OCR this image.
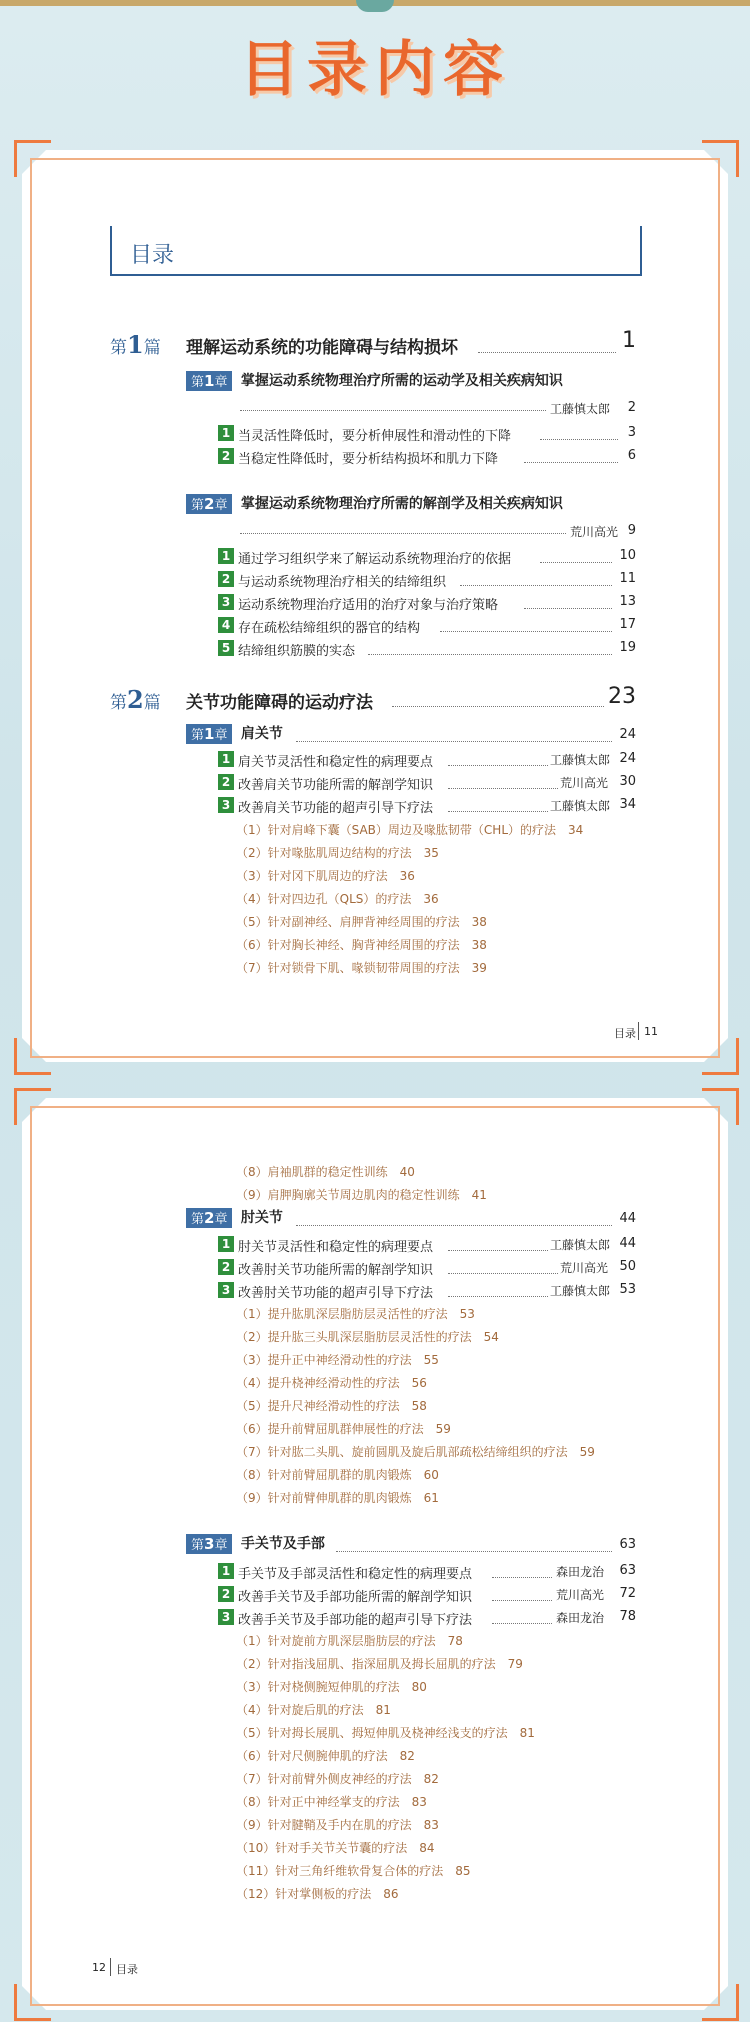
目录内容
目录
第1篇 理解运动系统的功能障碍与结构损坏	1
第1章 掌握运动系统物理治疗所需的运动学及相关疾病知识
工藤慎太郎	2
1 当灵活性降低时，要分析伸展性和滑动性的下降	3
2 当稳定性降低时，要分析结构损坏和肌力下降	6
第2章 掌握运动系统物理治疗所需的解剖学及相关疾病知识
荒川高光 9
1 通过学习组织学来了解运动系统物理治疗的依据	10
2 与运动系统物理治疗相关的结缔组织	11
3 运动系统物理治疗适用的治疗对象与治疗策略	13
4 存在疏松结缔组织的器官的结构	17
5 结缔组织筋膜的实态	19
第2篇 关节功能障碍的运动疗法	23
第1章 肩关节	24
1 肩关节灵活性和稳定性的病理要点	工藤慎太郎 24
2 改善肩关节功能所需的解剖学知识	荒川高光 30
3 改善肩关节功能的超声引导下疗法	工藤慎太郎 34
（1）针对肩峰下囊（SAB）周边及喙肱韧带（CHL）的疗法　34
（2）针对喙肱肌周边结构的疗法　35
（3）针对冈下肌周边的疗法　36
（4）针对四边孔（QLS）的疗法　36
（5）针对副神经、肩胛背神经周围的疗法　38
（6）针对胸长神经、胸背神经周围的疗法　38
（7）针对锁骨下肌、喙锁韧带周围的疗法　39
目录 11
（8）肩袖肌群的稳定性训练　40
（9）肩胛胸廓关节周边肌肉的稳定性训练　41
第2章 肘关节	44
1 肘关节灵活性和稳定性的病理要点	工藤慎太郎 44
2 改善肘关节功能所需的解剖学知识	荒川高光 50
3 改善肘关节功能的超声引导下疗法	工藤慎太郎 53
（1）提升肱肌深层脂肪层灵活性的疗法　53
（2）提升肱三头肌深层脂肪层灵活性的疗法　54
（3）提升正中神经滑动性的疗法　55
（4）提升桡神经滑动性的疗法　56
（5）提升尺神经滑动性的疗法　58
（6）提升前臂屈肌群伸展性的疗法　59
（7）针对肱二头肌、旋前圆肌及旋后肌部疏松结缔组织的疗法　59
（8）针对前臂屈肌群的肌肉锻炼　60
（9）针对前臂伸肌群的肌肉锻炼　61
第3章 手关节及手部	63
1 手关节及手部灵活性和稳定性的病理要点	森田龙治	63
2 改善手关节及手部功能所需的解剖学知识	荒川高光	72
3 改善手关节及手部功能的超声引导下疗法	森田龙治	78
（1）针对旋前方肌深层脂肪层的疗法　78
（2）针对指浅屈肌、指深屈肌及拇长屈肌的疗法　79
（3）针对桡侧腕短伸肌的疗法　80
（4）针对旋后肌的疗法　81
（5）针对拇长展肌、拇短伸肌及桡神经浅支的疗法　81
（6）针对尺侧腕伸肌的疗法　82
（7）针对前臂外侧皮神经的疗法　82
（8）针对正中神经掌支的疗法　83
（9）针对腱鞘及手内在肌的疗法　83
（10）针对手关节关节囊的疗法　84
（11）针对三角纤维软骨复合体的疗法　85
（12）针对掌侧板的疗法　86
12 目录
